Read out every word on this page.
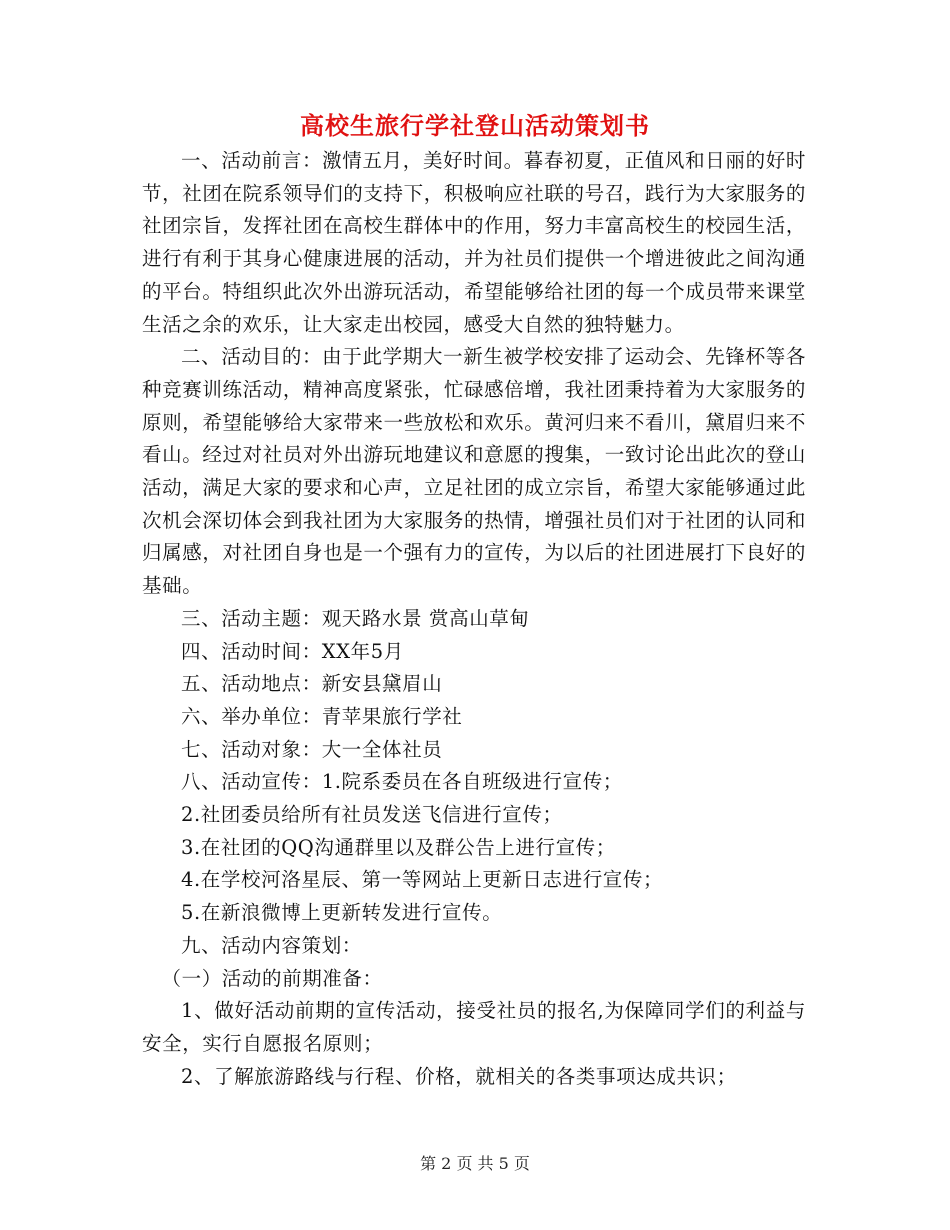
高校生旅行学社登山活动策划书

一、活动前言：激情五月，美好时间。暮春初夏，正值风和日丽的好时节，社团在院系领导们的支持下，积极响应社联的号召，践行为大家服务的社团宗旨，发挥社团在高校生群体中的作用，努力丰富高校生的校园生活，进行有利于其身心健康进展的活动，并为社员们提供一个增进彼此之间沟通的平台。特组织此次外出游玩活动，希望能够给社团的每一个成员带来课堂生活之余的欢乐，让大家走出校园，感受大自然的独特魅力。

二、活动目的：由于此学期大一新生被学校安排了运动会、先锋杯等各种竞赛训练活动，精神高度紧张，忙碌感倍增，我社团秉持着为大家服务的原则，希望能够给大家带来一些放松和欢乐。黄河归来不看川，黛眉归来不看山。经过对社员对外出游玩地建议和意愿的搜集，一致讨论出此次的登山活动，满足大家的要求和心声，立足社团的成立宗旨，希望大家能够通过此次机会深切体会到我社团为大家服务的热情，增强社员们对于社团的认同和归属感，对社团自身也是一个强有力的宣传，为以后的社团进展打下良好的基础。

三、活动主题：观天路水景 赏高山草甸

四、活动时间：XX年5月

五、活动地点：新安县黛眉山

六、举办单位：青苹果旅行学社

七、活动对象：大一全体社员

八、活动宣传：1.院系委员在各自班级进行宣传；

2.社团委员给所有社员发送飞信进行宣传；

3.在社团的QQ沟通群里以及群公告上进行宣传；

4.在学校河洛星辰、第一等网站上更新日志进行宣传；

5.在新浪微博上更新转发进行宣传。

九、活动内容策划：

（一）活动的前期准备：

1、做好活动前期的宣传活动，接受社员的报名,为保障同学们的利益与安全，实行自愿报名原则；

2、了解旅游路线与行程、价格，就相关的各类事项达成共识；

第 2 页 共 5 页
